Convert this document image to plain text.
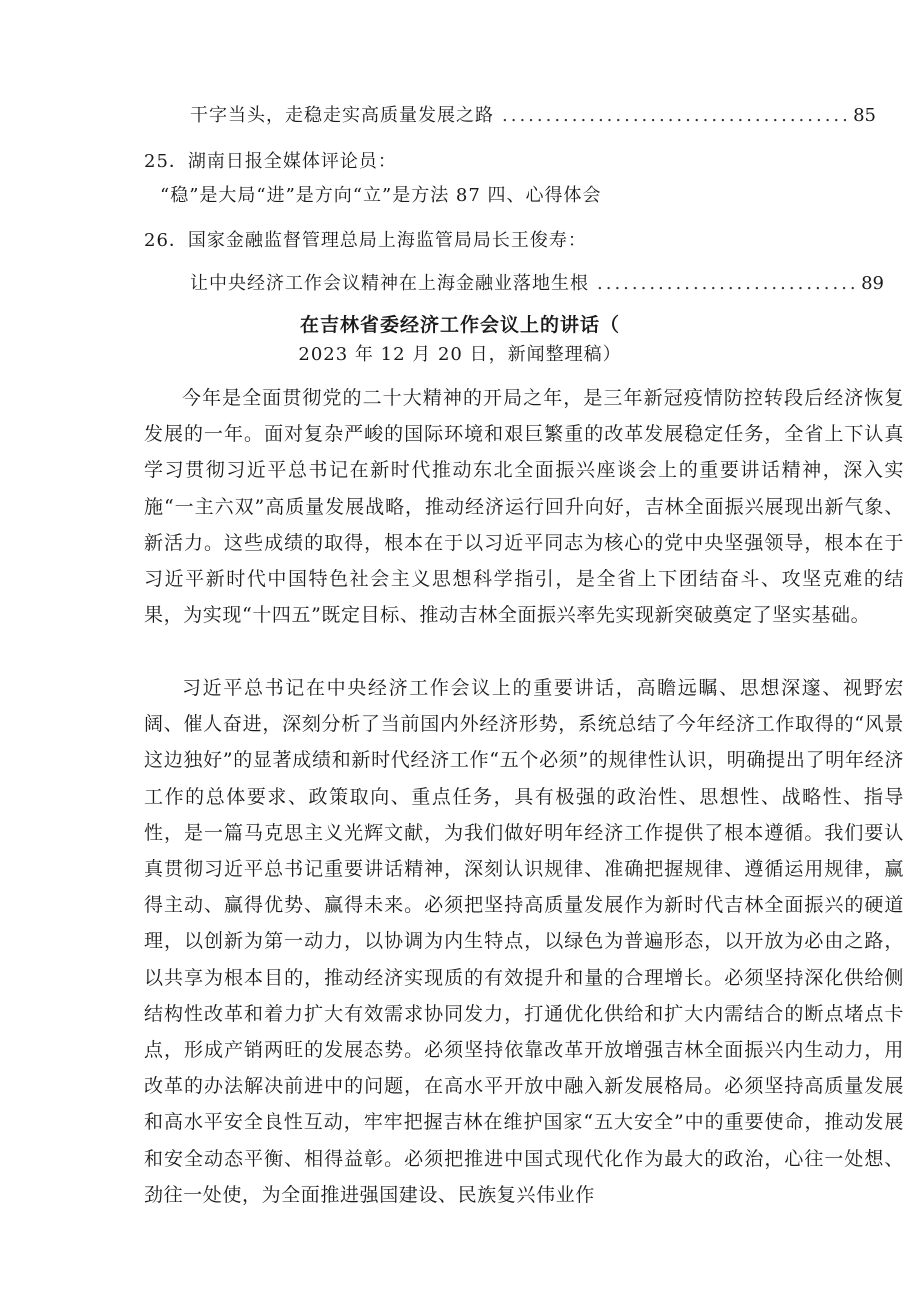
干字当头，走稳走实高质量发展之路 .....	85
25．湖南日报全媒体评论员：
“稳”是大局“进”是方向“立”是方法 87 四、心得体会
26．国家金融监督管理总局上海监管局局长王俊寿：
让中央经济工作会议精神在上海金融业落地生根 .....	89
在吉林省委经济工作会议上的讲话（
2023 年 12 月 20 日，新闻整理稿）

今年是全面贯彻党的二十大精神的开局之年，是三年新冠疫情防控转段后经济恢复发展的一年。面对复杂严峻的国际环境和艰巨繁重的改革发展稳定任务，全省上下认真学习贯彻习近平总书记在新时代推动东北全面振兴座谈会上的重要讲话精神，深入实施“一主六双”高质量发展战略，推动经济运行回升向好，吉林全面振兴展现出新气象、新活力。这些成绩的取得，根本在于以习近平同志为核心的党中央坚强领导，根本在于习近平新时代中国特色社会主义思想科学指引，是全省上下团结奋斗、攻坚克难的结果，为实现“十四五”既定目标、推动吉林全面振兴率先实现新突破奠定了坚实基础。

习近平总书记在中央经济工作会议上的重要讲话，高瞻远瞩、思想深邃、视野宏阔、催人奋进，深刻分析了当前国内外经济形势，系统总结了今年经济工作取得的“风景这边独好”的显著成绩和新时代经济工作“五个必须”的规律性认识，明确提出了明年经济工作的总体要求、政策取向、重点任务，具有极强的政治性、思想性、战略性、指导性，是一篇马克思主义光辉文献，为我们做好明年经济工作提供了根本遵循。我们要认真贯彻习近平总书记重要讲话精神，深刻认识规律、准确把握规律、遵循运用规律，赢得主动、赢得优势、赢得未来。必须把坚持高质量发展作为新时代吉林全面振兴的硬道理，以创新为第一动力，以协调为内生特点，以绿色为普遍形态，以开放为必由之路，以共享为根本目的，推动经济实现质的有效提升和量的合理增长。必须坚持深化供给侧结构性改革和着力扩大有效需求协同发力，打通优化供给和扩大内需结合的断点堵点卡点，形成产销两旺的发展态势。必须坚持依靠改革开放增强吉林全面振兴内生动力，用改革的办法解决前进中的问题，在高水平开放中融入新发展格局。必须坚持高质量发展和高水平安全良性互动，牢牢把握吉林在维护国家“五大安全”中的重要使命，推动发展和安全动态平衡、相得益彰。必须把推进中国式现代化作为最大的政治，心往一处想、劲往一处使，为全面推进强国建设、民族复兴伟业作
